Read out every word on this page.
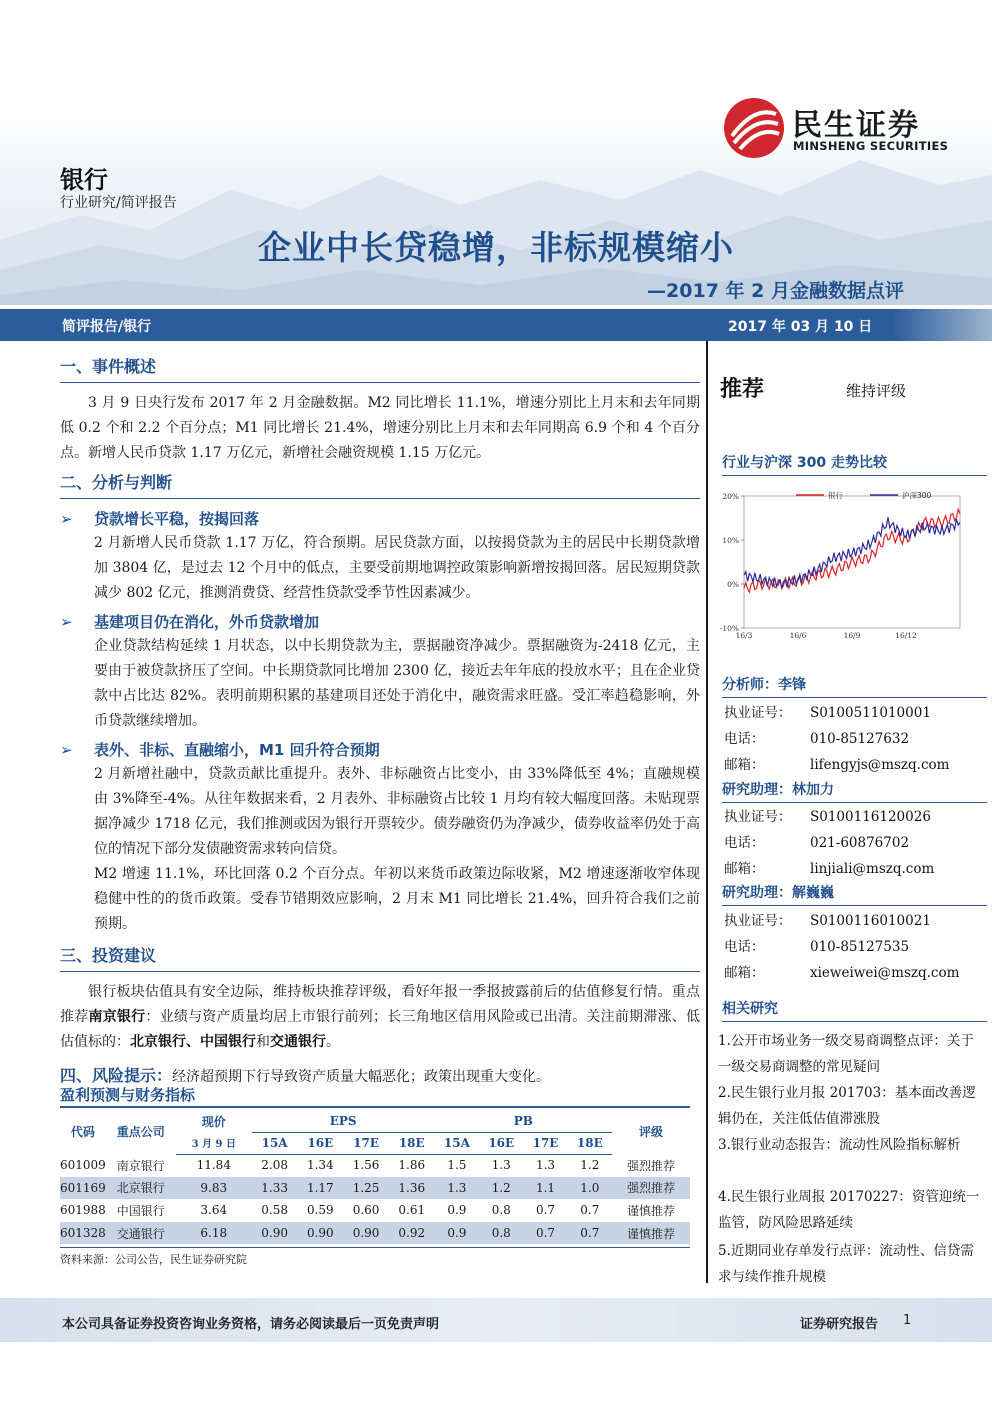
民生证券
MINSHENG SECURITIES
银行
行业研究/简评报告
企业中长贷稳增，非标规模缩小
—2017 年 2 月金融数据点评
简评报告/银行	2017 年 03 月 10 日
一、事件概述

3 月 9 日央行发布 2017 年 2 月金融数据。M2 同比增长 11.1%，增速分别比上月末和去年同期低 0.2 个和 2.2 个百分点；M1 同比增长 21.4%，增速分别比上月末和去年同期高 6.9 个和 4 个百分点。新增人民币贷款 1.17 万亿元，新增社会融资规模 1.15 万亿元。

二、分析与判断
➢ 贷款增长平稳，按揭回落

2 月新增人民币贷款 1.17 万亿，符合预期。居民贷款方面，以按揭贷款为主的居民中长期贷款增加 3804 亿，是过去 12 个月中的低点，主要受前期地调控政策影响新增按揭回落。居民短期贷款减少 802 亿元，推测消费贷、经营性贷款受季节性因素减少。

➢ 基建项目仍在消化，外币贷款增加

企业贷款结构延续 1 月状态，以中长期贷款为主，票据融资净减少。票据融资为-2418 亿元，主要由于被贷款挤压了空间。中长期贷款同比增加 2300 亿，接近去年年底的投放水平；且在企业贷款中占比达 82%。表明前期积累的基建项目还处于消化中，融资需求旺盛。受汇率趋稳影响，外币贷款继续增加。

➢ 表外、非标、直融缩小，M1 回升符合预期

2 月新增社融中，贷款贡献比重提升。表外、非标融资占比变小，由 33%降低至 4%；直融规模由 3%降至-4%。从往年数据来看，2 月表外、非标融资占比较 1 月均有较大幅度回落。未贴现票据净减少 1718 亿元，我们推测或因为银行开票较少。债券融资仍为净减少，债券收益率仍处于高位的情况下部分发债融资需求转向信贷。

M2 增速 11.1%，环比回落 0.2 个百分点。年初以来货币政策边际收紧，M2 增速逐渐收窄体现稳健中性的的货币政策。受春节错期效应影响，2 月末 M1 同比增长 21.4%，回升符合我们之前预期。

三、投资建议

银行板块估值具有安全边际，维持板块推荐评级，看好年报一季报披露前后的估值修复行情。重点推荐南京银行：业绩与资产质量均居上市银行前列；长三角地区信用风险或已出清。关注前期滞涨、低估值标的：北京银行、中国银行和交通银行。

四、风险提示：经济超预期下行导致资产质量大幅恶化；政策出现重大变化。

盈利预测与财务指标
代码	重点公司	现价	EPS				PB				评级
		3 月 9 日	15A	16E	17E	18E	15A	16E	17E	18E	
601009	南京银行	11.84	2.08	1.34	1.56	1.86	1.5	1.3	1.3	1.2	强烈推荐
601169	北京银行	9.83	1.33	1.17	1.25	1.36	1.3	1.2	1.1	1.0	强烈推荐
601988	中国银行	3.64	0.58	0.59	0.60	0.61	0.9	0.8	0.7	0.7	谨慎推荐
601328	交通银行	6.18	0.90	0.90	0.90	0.92	0.9	0.8	0.7	0.7	谨慎推荐
资料来源：公司公告，民生证券研究院
推荐	维持评级
行业与沪深 300 走势比较
20%
10%
0%
-10%
16/3	16/6	16/9	16/12
银行	沪深300
分析师：李锋
执业证号： S0100511010001
电话：	010-85127632
邮箱：	lifengyjs@mszq.com
研究助理：林加力
执业证号： S0100116120026
电话：	021-60876702
邮箱：	linjiali@mszq.com
研究助理：解巍巍
执业证号： S0100116010021
电话：	010-85127535
邮箱：	xieweiwei@mszq.com
相关研究
1.公开市场业务一级交易商调整点评：关于一级交易商调整的常见疑问
2.民生银行业月报 201703：基本面改善逻辑仍在，关注低估值滞涨股
3.银行业动态报告：流动性风险指标解析
4.民生银行业周报 20170227：资管迎统一监管，防风险思路延续
5.近期同业存单发行点评：流动性、信贷需求与续作推升规模
本公司具备证券投资咨询业务资格，请务必阅读最后一页免责声明	证券研究报告 1
